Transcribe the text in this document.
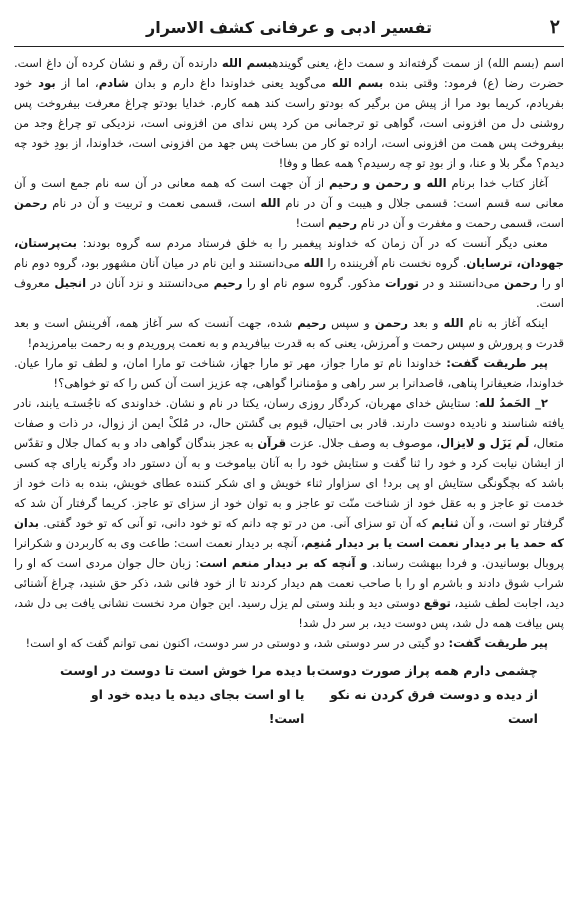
۲
تفسیر ادبی و عرفانی کشف الاسرار

اسم (بسم الله) از سمت گرفته‌اند و سمت داغ، یعنی گویندهبسم الله دارنده آن رقم و نشان کرده آن داغ است. حضرت رضا (ع) فرمود: وقتی بنده بسم الله می‌گوید یعنی خداوندا داغ دارم و بدان شادم، اما از بود خود بفریادم، کریما بود مرا از پیش من برگیر که بودتو راست کند همه کارم. خدایا بودتو چراغ معرفت بیفروخت پس روشنی دل من افزونی است، گواهی تو ترجمانی من کرد پس ندای من افزونی است، نزدیکی تو چراغ وجد من بیفروخت پس همت من افزونی است، اراده تو کار من بساخت پس جهد من افزونی است، خداوندا، از بودِ خود چه دیدم؟ مگر بلا و عنا، و از بودِ تو چه رسیدم؟ همه عطا و وفا!

آغاز کتاب خدا برنام الله و رحمن و رحیم از آن جهت است که همه معانی در آن سه نام جمع است و آن معانی سه قسم است: قسمی جلال و هیبت و آن در نام الله است، قسمی نعمت و تربیت و آن در نام رحمن است، قسمی رحمت و مغفرت و آن در نام رحیم است!

معنی دیگر آنست که در آن زمان که خداوند پیغمبر را به خلق فرستاد مردم سه گروه بودند: بت‌پرستان، جهودان، ترسایان. گروه نخست نام آفریننده را الله می‌دانستند و این نام در میان آنان مشهور بود، گروه دوم نام او را رحمن می‌دانستند و در تورات مذکور. گروه سوم نام او را رحیم می‌دانستند و نزد آنان در انجیل معروف است.

اینکه آغاز به نام الله و بعد رحمن و سپس رحیم شده، جهت آنست که سر آغاز همه، آفرینش است و بعد قدرت و پرورش و سپس رحمت و آمرزش، یعنی که به قدرت بیافریدم و به نعمت پروریدم و به رحمت بیامرزیدم!

پیر طریقت گفت: خداوندا نام تو مارا جواز، مهر تو مارا جهاز، شناخت تو مارا امان، و لطف تو مارا عیان. خداوندا، ضعیفانرا پناهی، قاصدانرا بر سر راهی و مؤمنانرا گواهی، چه عزیز است آن کس را که تو خواهی؟!

۲_ الحَمدُ لله: ستایش خدای مهربان، کردگار روزی رسان، یکتا در نام و نشان. خداوندی که ناجُستـه یابند، نادر یافته شناسند و نادیده دوست دارند. قادر بی احتیال، قیوم بی گشتن حال، در مُلکْ ایمن از زوال، در ذات و صفات متعال، لَم یَزَل و لایزال، موصوف به وصف جلال. عزت قرآن به عجز بندگان گواهی داد و به کمال جلال و تقدّس از ایشان نیابت کرد و خود را ثنا گفت و ستایش خود را به آنان بیاموخت و به آن دستور داد وگرنه یارای چه کسی باشد که بچگونگی ستایش او پی برد! ای سزاوار ثناء خویش و ای شکر کننده عطای خویش، بنده به ذات خود از خدمت تو عاجز و به عقل خود از شناخت منّت تو عاجز و به توان خود از سزای تو عاجز. کریما گرفتار آن شد که گرفتار تو است، و آن ثنایم که آن تو سزای آنی. من در تو چه دانم که تو خود دانی، تو آنی که تو خود گفتی. بدان که حمد یا بر دیدار نعمت است یا بر دیدار مُنعِم، آنچه بر دیدار نعمت است: طاعت وی به کاربردن و شکرانرا پروبال بوسانیدن. و فردا ببهشت رساند. و آنچه که بر دیدار منعم است: زبان حال جوان مردی است که او را شراب شوق دادند و باشرم او را با صاحب نعمت هم دیدار کردند تا از خود فانی شد، ذکر حق شنید، چراغ آشنائی دید، اجابت لطف شنید، توقع دوستی دید و بلند وستی لم یزل رسید. این جوان مرد نخست نشانی یافت بی دل شد، پس بیافت همه دل شد، پس دوست دید، بر سر دل شد!

پیر طریقت گفت: دو گیتی در سر دوستی شد، و دوستی در سر دوست، اکنون نمی توانم گفت که او است!

چشمی دارم همه پراز صورت دوست
با دیده مرا خوش است تا دوست در اوست
از دیده و دوست فرق کردن نه نکو است
یا او است بجای دیده یا دیده خود او است!
